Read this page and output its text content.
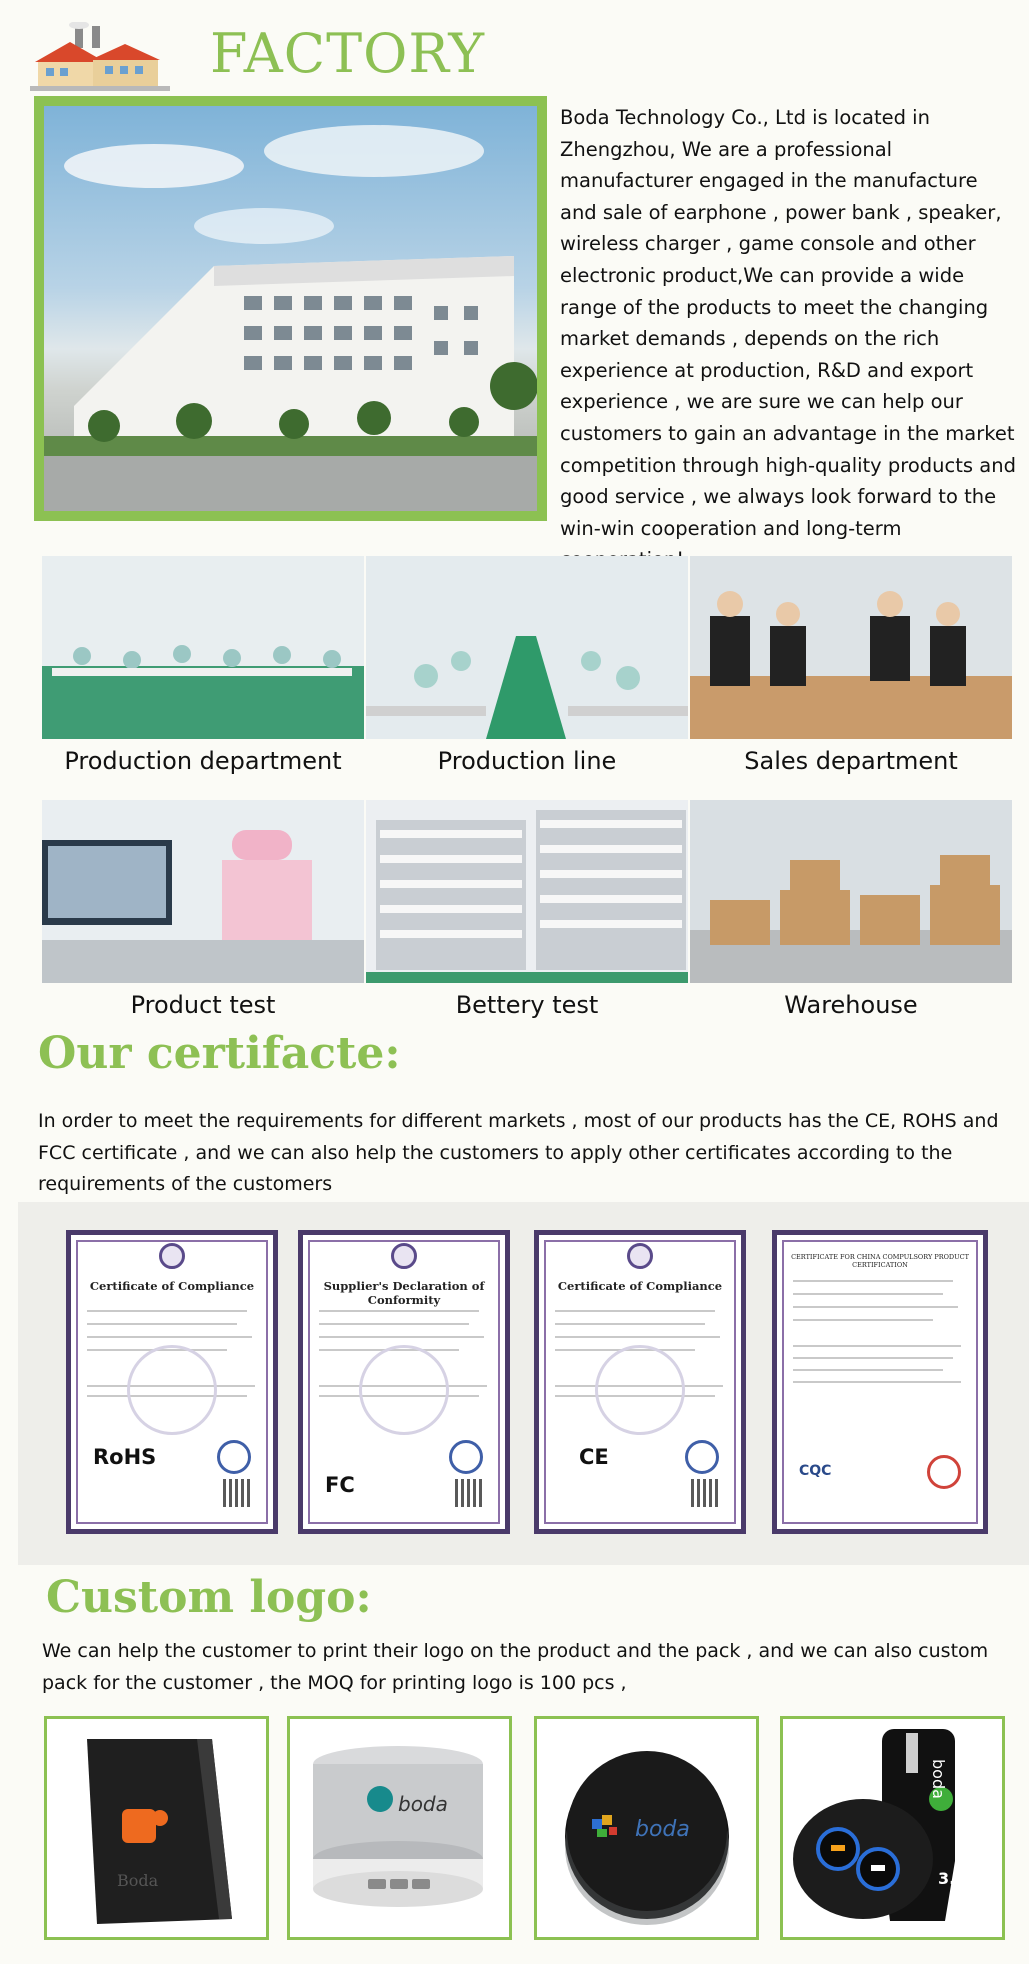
FACTORY
Boda Technology Co., Ltd is located in Zhengzhou, We are a professional manufacturer engaged in the manufacture and sale of earphone , power bank , speaker, wireless charger , game console and other electronic product,We can provide a wide range of the products to meet the changing market demands , depends on the rich experience at production, R&D and export experience , we are sure we can help our customers to gain an advantage in the market competition through high-quality products and good service , we always look forward to the win-win cooperation and long-term
Production department	Production line	Sales department
Product test	Bettery test	Warehouse
Our certifacte:
In order to meet the requirements for different markets , most of our products has the CE, ROHS and FCC certificate , and we can also help the customers to apply other certificates according to the requirements of the customers
Certificate of Compliance
RoHS
Supplier's Declaration of Conformity
FC
Certificate of Compliance
CE
CERTIFICATE FOR CHINA COMPULSORY PRODUCT CERTIFICATION
CQC
Custom logo:
We can help the customer to print their logo on the product and the pack , and we can also custom pack for the customer , the MOQ for printing logo is 100 pcs ,
Boda
boda
boda
boda
3.0
